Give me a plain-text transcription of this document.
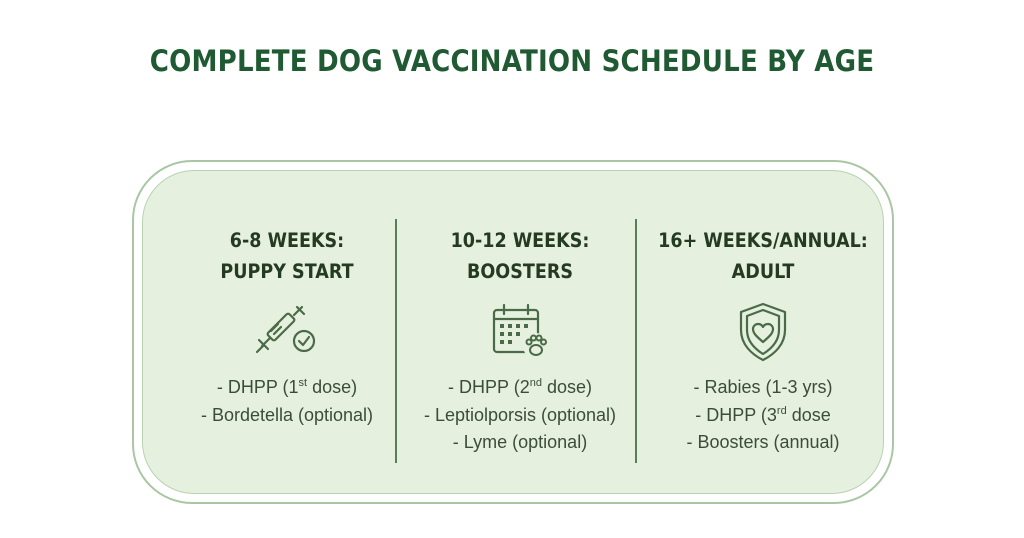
COMPLETE DOG VACCINATION SCHEDULE BY AGE
6-8 WEEKS:
PUPPY START
- DHPP (1st dose)
- Bordetella (optional)
10-12 WEEKS:
BOOSTERS
- DHPP (2nd dose)
- Leptiolporsis (optional)
- Lyme (optional)
16+ WEEKS/ANNUAL:
ADULT
- Rabies (1-3 yrs)
- DHPP (3rd dose
- Boosters (annual)
